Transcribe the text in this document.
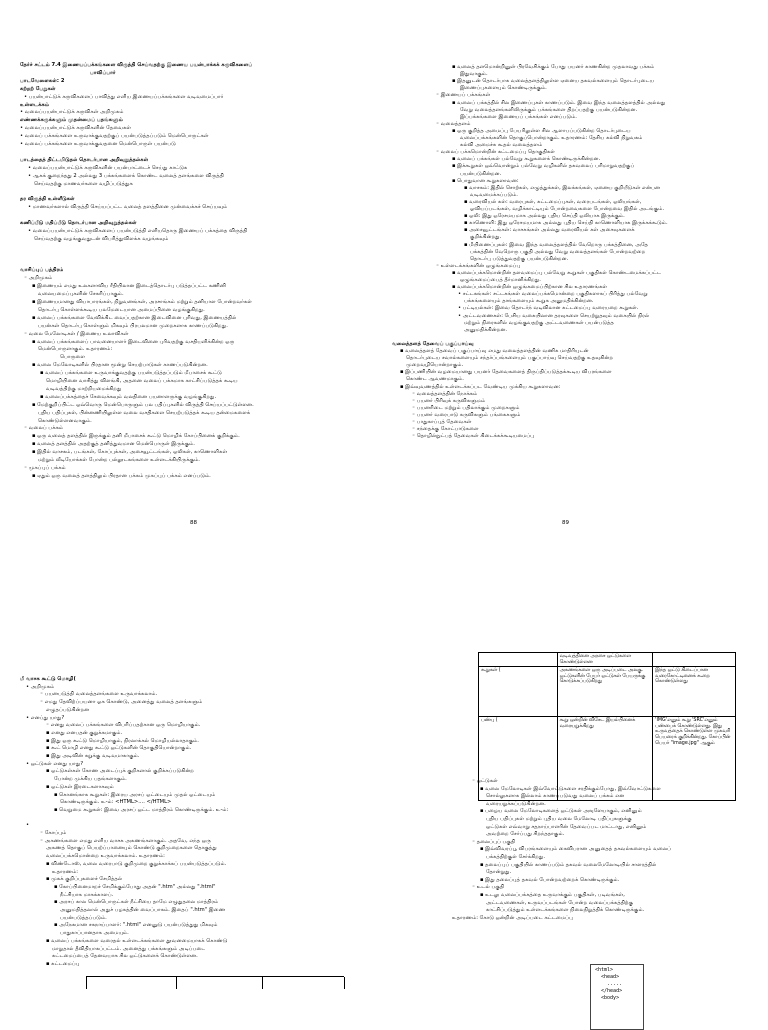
தேர்ச் சட்டம் 7.4 இணையப்பக்கங்களை விருத்தி செய்வதற்கு இணைய பயன்பாக்கக் கருவிகளைப்
பாவிப்பார்
பாடவேளைகள்: 2
கற்றற் பேறுகள்
• பயன்பாட்டுக் கருவிகளைப் பாவித்து எளிய இணையப்பக்கங்களை வடிவமைப்பார்
உள்ளடக்கம்
• வலைப்பயன்பாட்டுக் கருவிகள் அறிமுகம்
எண்ணக்கருக்களும் முதன்மைப் பதங்களும்
• வலைப்பயன்பாட்டுக் கருவிகளின் தேவைகள்
• வலைப் பக்கங்களை உருவாக்குவதற்குப் பயன்படுத்தப்படும் மென்பொருட்கள்
• வலைப் பக்கங்களை உருவாக்குவதனை மென்பொருள் பயன்படு
பாடத்தைத் திட்டமிடுதல் தொடர்பான அறிவுறுத்தல்கள்
• வலைப்பயன்பாட்டுக் கருவிகளின் பயன்பாட்டைச் செய்து காட்டுக
• ஆகக் குறைந்தது 2 அல்லது 3 பக்கங்களைக் கொண்ட வலைத் தளங்களை விருத்தி
செய்வதற்கு மாணவர்களை வழிப்படுத்துக
தர விருத்தி உள்ளீடுகள்
• மாணவர்களால் விருத்தி செய்யப்பட்ட வலைத் தளத்தினை முன்வைக்கச் செய்யவும்
கணிப்பீடு மதிப்பீடு தொடர்பான அறிவுறுத்தல்கள்
• வலைப்பயன்பாட்டுக் கருவிகளைப் பயன்படுத்தி எளியதொரு இணையப் பக்கத்தை விருத்தி
செய்வதற்கு வழங்குவதுடன் விபரித்துவிளக்க வழங்கவும்
வாசிப்புப் பத்திரம்
◦ அறிமுகம்
▪ இணையம் எமது உலகளாவிய ரீதியிலான இடைத்தொடர்பு படுத்தப்பட்ட கணினி
வலையமைப்புகளின் சேகரிப்பாகும்.
▪ இணையமானது வியாபாரங்கள், நிறுவனங்கள், அரசாங்கம் மற்றும் தனியாள போன்றவர்கள்
தொடர்பு கொள்ளக்கூடிய பலமேடையான அமைப்பினை வழங்குகிறது.
▪ வலைப் பக்கங்களை வேவிக்கிட வைப்பதற்கான இடைவினை புரிவது, இணையத்தில்
பயன்கள் தொடர்பு கொள்ளும் மிகவும் பிரபலமான முறைகளாக காணப்படுகிறது.
◦ வலை மேலோடிகள் / இணைய உலாவிகள்
▪ வலைப் பக்கங்களைப் பாவனையாளர் இடைவினை புரிவதற்கு வசதியளிக்கின்ற ஒரு
மென்பொருளாகும். உதாரணம்:
பொருளை
▪ வலை மேலோடிகளில் பிரதான மூன்று செயற்பாடுகள் காணப்படுகின்றன.
▪ வலைப் பக்கங்களை உருவாக்குவதற்கு பயன்படுத்தப்படும் மீபாசைக் கூட்டு
மொழியினை வாசித்து விளங்கி, அதனை வலைப் பக்கமாக காட்சிப்படுத்தக் கூடிய
வடிவத்திற்கு மாற்றியமைக்கிறது
▪ வலைப்பக்கத்தைச் சேவைக்கவும் வலதினை பயனாளருக்கு வழங்குகிறது.
▪ மேற்குறிப்பிட்ட ஒவ்வொரு மென்பொருளும் பல பதிப்புகளில் விருத்தி செய்யப்பட்டுள்ளன.
புதிய பதிப்புகள், பின்னணியிலுள்ள வலை வசதிகளை செயற்படுத்தக் கூடிய தன்மைகளைக்
கொண்டுள்ளனவாகும்.
◦ வலைப் பக்கம்
▪ ஒரு வலைத் தளத்தில் இருக்கும் தனி மீபாசைக் கூட்டு மொழிக் கோப்பினைக் குறிக்கும்.
▪ வலைத் தளத்தில் அதற்குத் தனித்துவமான மென்பொருள் இருக்கும்.
▪ இதில் வாசகம், படங்கள், கோப்புக்கள், அசைவூட்டங்கள், ஒலிகள், காணொளிகள்
மற்றும் வீடியோக்கள் போன்ற பல்லூடகங்களை உள்ளடக்கியிருக்கும்.
◦ முகப்புப் பக்கம்
▪ ஏதும் ஒரு வலைத் தளத்திலும் பிரதான பக்கம் முகப்புப் பக்கம் எனப்படும்.
88
▪ வலைத் தளமொன்றினுள் பிரவேசிக்கும் போது பயனர் காணகின்ற முதலாவது பக்கம்
இதுவாகும்.
▪ இதனுடன் தொடர்பாக வலைத்தளத்திலுள்ள ஏனைய தகவல்களையும் தொடர்புடைய
இணைப்புகளையும் கொண்டிருக்கும்.
◦ இணையப் பக்கங்கள்
▪ வலைப் பக்கத்தில் சில இணைப்புகள் காணப்படும். இவை இந்த வலைத்தளத்தில் அல்லது
வேறு வலைத்தளங்களிலிருக்கும் பக்கங்களை திறப்பதற்கு பயன்படுகின்றன.
இப்பக்கங்களை இணையப் பக்கங்கள் எனப்படும்.
◦ வலைத்தளம்
▪ ஒரு குறித்த அமைப்பு பேயரிலுள்ள சில ஆளாபப்படுகின்ற தொடர்புடைய
வலைப்பக்கங்களின் தொகுப்பொன்றாகும். உதாரணம்: தேசிய கல்வி நிறுவகம்
கல்வி அமைச்சு கூதல் வலைத்தளம்
◦ வலைப் பக்கமொன்றின் கட்டமைப்பு தொகுதிகள்
▪ வலைப் பக்கங்கள் பல்வேறு கூறுகளைக் கொண்டிருக்கின்றன.
▪ இக்கூறுகள் ஒவ்வொன்றும் பல்வேறு வழிகளில் தகவலைப் பரிமாறுவதற்குப்
பயன்படுகின்றன.
▪ பொதுவான கூறுகளாவன:
▪ வாசகம்: இதில் சொற்கள், எழுத்துக்கள், இலக்கங்கள், ஏனைய குறியீடுகள் என்பன
வடிவமைக்கப்படும்.
▪ வரைவியல் கள்: வரைபுகள், கட்டமைப்புகள், வரைபடங்கள், ஒலியங்கள்,
ஓவியப்படங்கள், வழிக்காட்டியும் போன்றவைகளை போன்றவை இதில் அடங்கும்.
▪ ஒலி: இது ஒரேசமயமாக அல்லது புதிய செய்தி ஒலியாக இருக்கும்.
▪ காணொளி: இது ஒரேசமயமாக அல்லது புதிய செய்தி காணொளியாக இருக்கக்கூடும்.
▪ அசைவூட்டங்கள்: வாசகங்கள் அல்லது வரைவியல் கள் அசைவுகளைக்
குறிக்கின்றது.
▪ மீயிணைப்புகள்: இவை இந்த வலைத்தளத்தில் வேறொரு பக்கத்தினை, அதே
பக்கத்தின் வேறொரு பகுதி அல்லது வேறு வலைத்தளங்கள் போன்றவற்றை
தொடர்பு படுத்துவதற்கு பயன்படுகின்றன.
◦ உள்ளடக்கங்களின் ஒழுங்கமைப்பு
▪ வலைப்பக்கமொன்றின் தளவமைப்பு பல்வேறு கூறுகள் பகுதிகள் கொண்டமைக்கப்பட்ட
ஒழுங்கமைப்பைத் தீர்மானிக்கிறது.
▪ வலைப்பக்கமொன்றின் ஒழுங்கமைப்பிற்கான சில உதாரணங்கள்
• சட்டகங்கள்: சட்டகங்கள் வலைப்பக்கமொன்றை பகுதிகளாகப் பிரித்து பல்வேறு
பக்கங்களையும் தாங்களையும் கூறுக அனுமதிக்கின்றன.
• பட்டியல்கள்: இவை தொடர்ந் வடிவிலான கட்டமைப்பு வரையறை கூறுகள்.
• அட்டவணைகள்: பேசிய வகையிலான தரவுகளை செயற்றுதவும் வகையில் நிரல்
மற்றும் நிரைகளில் வழங்குவதற்கு அட்டவணைகள் பயன்படுத்த
அனுமதிக்கின்றன.
வலைத்தளத் தேவைப் பகுப்பாய்வு
▪ வலைத்தளத் தேவைப் பகுப்பாய்வு எமது வலைத்தளத்தின் வணிக மாதிரியுடன்
தொடர்புடைய சவால்களையும் சந்தர்ப்பங்களையும் பகுப்பாய்வு செய்வதற்கு உதவுகின்ற
முறைவழியொன்றாகும்.
▪ இப்பணியின் வழமையானது பயனர் தேவைகளைத் திருப்திப்படுத்தக்கூடிய விபரங்களை
கொண்ட ஆவணமாகும்.
▪ இவ்வுவணத்தில் உள்ளடக்கப்பட வேண்டிய முக்கிய கூறுகளாவன:
◦ வலைத்தளத்தின் நோக்கம்
◦ பயனர் பிரிவுக் கருவிகளுமம்
◦ பயனரிடை மற்றும் பதிலாக்கும் முறைகளும்
◦ பயனர் வரைபாடு கருவிகளும் பங்கைகளும்
◦ பாதுகாப்புத் தேவைகள்
◦ சந்தைக்கு கோட்பாடுகளை
◦ தொழில்நுட்பத் தேவைகள் கிடைக்கக்கூடியமைப்பு
89
மீ வாசக கூட்டு மொழி(
• அறிமுகம்
◦ பயனபடுத்தி வலைத்தளங்களை உருவாக்கலாம்.
◦ எமது தேவிற்ப்பயனா ஓக கொண்டு, அனைத்து வலைத் தளங்களும்
எழுதப்படுகின்றன
• எனப்து யாது?
◦ எனது வலைப் பக்கங்களை விபரிப்பதற்கான ஒரு மொழியாகும்.
▪ எனது எனபதன் குறுக்கமாகும்.
▪ இது ஒரு கூட்டு மொழியாகும், நிரலாக்கல் மொழியல்லாதாகும்.
▪ கூட் மொழி எனது கூட்டு ஒட்டுகளின் தொகுதியொன்றாகும்.
▪ இது அடிவின் சுறுக்கு வடிவமாகாகும்.
• ஒட்டுகள் எனது யாது?
▪ ஒட்டுகள்கள் கோண அடைப்புக் குறிகளால் குறிக்கப்படுகின்ற
போன்ற முக்கிய பதங்களாகும்.
▪ ஒட்டுகள் இரடைகளாகவும்
▪ கொனங்காக கூறுகள்: இரைய அரசப் ஒட்டையும் முதல் ஒட்டையும்
கொண்டிருக்கும். உ-ம்: <HTML>.... </HTML>
▪ வெறுமை கூறுகள்: இவை அரசப் ஒட்ட மாத்திரம் கொண்டிருக்கும். உ-ம்:
•
◦ கோப்பும்
◦ அகணங்களை எமது எளிய வாசக அகணங்களாகும். அதவே, எந்த ஒரு
அகணத் தொகுப் பெயற்ப்பானையும் கொண்டு குறிமுறைகளை தொகுத்து
வலைப்பக்கமொன்றை உருவாக்கலாம். உதாரணம்:
▪ விண்டோஸ், வலை வரைபாடு குறிமுறை குறுக்காக்கப் பயன்படுத்தப்படும்.
உதாரணம்:
▪ முகக் குறிப்புகளைச் சேமித்தல்
▪ கோப்பினைமாறச் சேமிக்கும்போது அதன் ".htm" அல்லது ".html"
நீட்சியாக மாகக்காளப்.
▪ அரசப் கால மென்பொருட்கள் நீட்சியை தாமே எழுதுதலை மாத்திரம்
அனுமதித்தலால் அதுச் பழகத்தின் வைப்பாகம். இதைப் ".htm" இணை
பயன்படுத்தப்படும்.
▪ அநேகமான சகநாய்பாளர்: ".html" எனனுடு பயன்படுத்துது மிகவும்
பாதுகாப்பானதாக அமையும்.
▪ வலைப் பக்கங்களை வரைதல் உள்ளடக்கங்களை தூவனமையாகக் கொண்டு
மாறுதால் தீவிதியாகப்பட்டம். அனைத்து பக்கங்களும் அடிப்படை
கட்டமைப்பைத் தேனவயாக சில ஒட்டுகளைக் கொண்டுள்ளன.
▪ கட்டமைப்பு
	வடிவத்தினை அரசை ஒட்டுகளை கொண்டுள்ளன	
கூறுகள் (	அகணங்களை ஒரு அடிப்படை அலகு. ஒட்டுகளின் பேயர் ஒட்டுகள் பேயருக்கு கொடுக்கப்படுகிறது	இந்த ஒட்டு கிடைப்பான வரைகோட்டினைக் கூறை கொண்டுள்ளது
பண்பு (	கூறு ஒன்றின் விசேட இயல்பினைக் வரையறுக்கிறது	'IMG'எனும் கூறு 'SRC'எனும் பண்பைக் கொண்டுள்ளது. இது உருவத்தைக் கொண்டுள்ள முகவரி பெயரைக் குறிக்கின்றது. கோப்பின் பெயர் "image.jpg" ஆகும்
<html>
<head>
.....
</head>
<body>
◦ ஒட்டுகள்
▪ வலை மேலோடிகள் இவ்வோட்டுகளை சரதிக்கும்போது, இவ்வோட்டுகளை
சொல்லுகளாக இல்லாம் காணப்படுவது வலைப் பக்கம் என
வரையறுக்கப்படுகின்றன.
▪ பழைய வலை மேலோடிகளைத் ஒட்டுகள் அஙுளேயாகும், எனினும்
புதிய பதிப்புகள் மற்றும் புதிய வலை மேலோடி பதிப்புகளுக்கு
ஒட்டுகள் எவ்வாறு சதநாய்பாளரின் தேவைப்பட மாட்டாது, எனினும்
அவற்றை சேர்ப்பது சிறந்ததாகும்.
◦ தலைப்புப் பகுதி
▪ இவ்விவரப்பூ விபரங்களையும் கைவிபரான அனுதைத் தகவல்களையும் வலைப்
பக்கத்திற்குள் சேர்க்கிறது.
▪ தலைப்புப் பகுதியில் காணப்படும் தகவல் வலைமேலோடியில் சாளரத்தில்
தோன்றுது.
▪ இது தலைப்புத் தகவல் போன்றவற்றைக் கொண்டிருக்கும்.
◦ உடல் பகுதி
▪ உடலு வலைப்பக்கத்தை உருவாக்கும் பகுதிகள், படிவங்கள்,
அட்டவணைகள், உருவப்படங்கள் போன்ற வலைப்பக்கத்திற்கு
காட்சிப்படுத்தும் உள்ளடக்கங்களை நிலைநிறுத்திக் கொண்டிருக்கும்.
உதாரணம்: கோடு ஒன்றின் அடிப்படை கட்டமைப்பு
